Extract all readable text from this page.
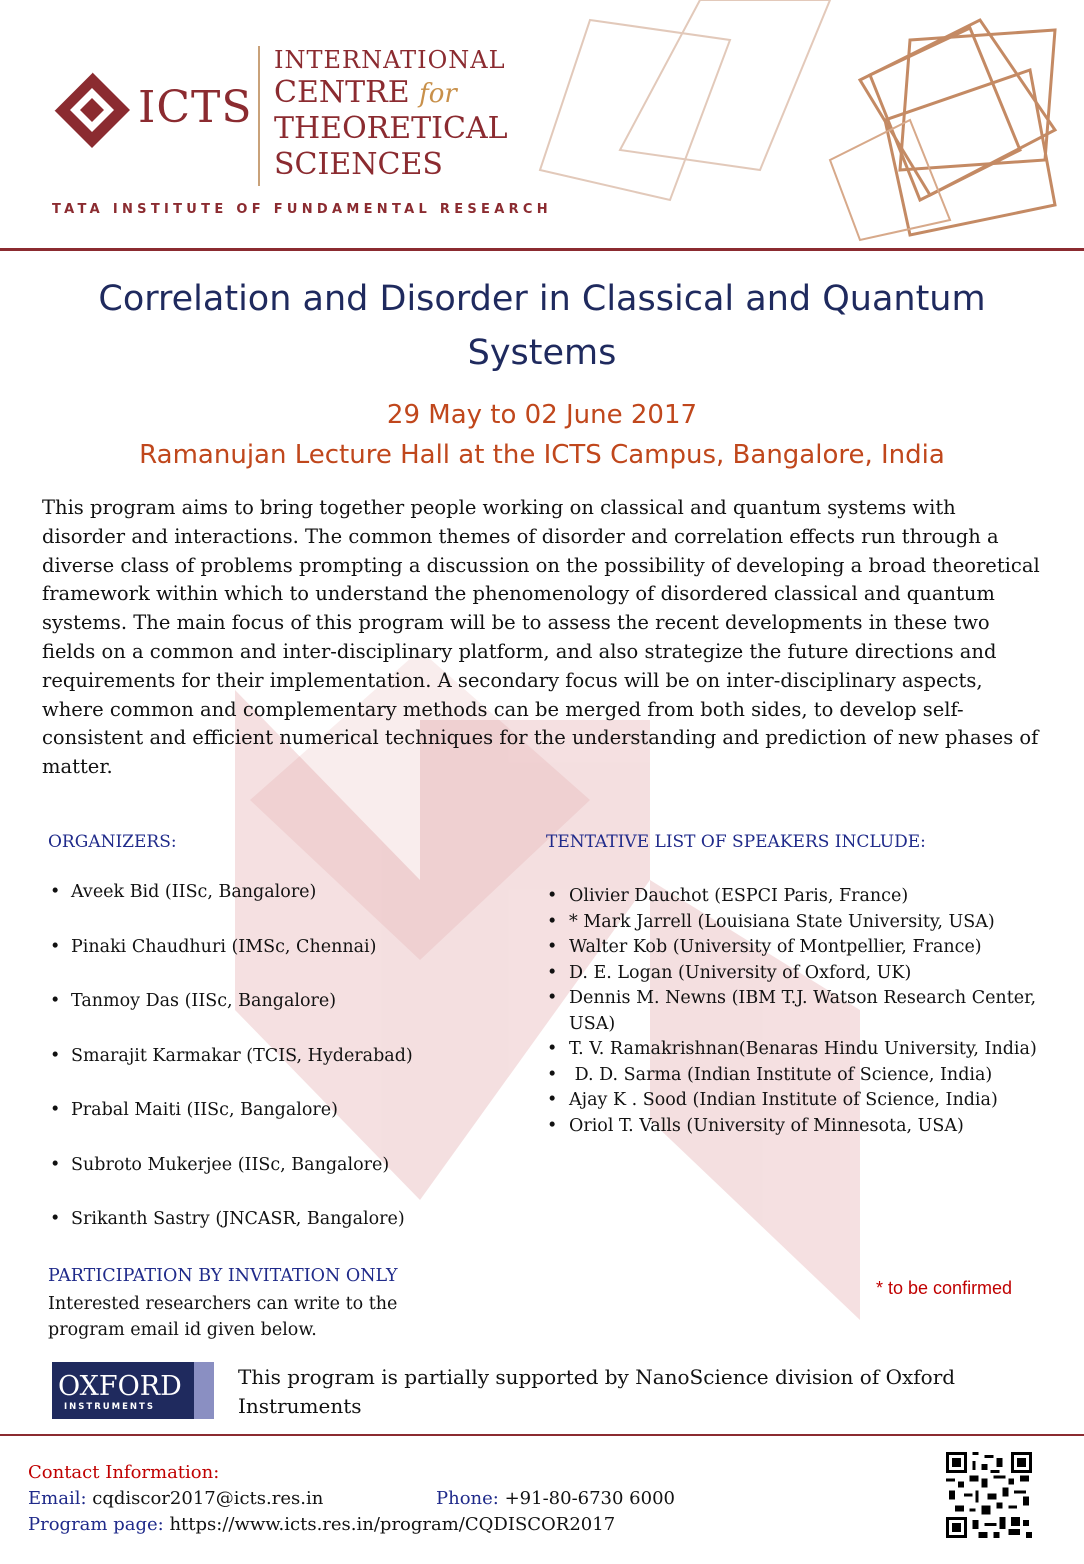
ICTS
INTERNATIONAL
CENTRE for
THEORETICAL
SCIENCES
TATA INSTITUTE OF FUNDAMENTAL RESEARCH
Correlation and Disorder in Classical and Quantum Systems
29 May to 02 June 2017
Ramanujan Lecture Hall at the ICTS Campus, Bangalore, India
This program aims to bring together people working on classical and quantum systems with disorder and interactions. The common themes of disorder and correlation effects run through a diverse class of problems prompting a discussion on the possibility of developing a broad theoretical framework within which to understand the phenomenology of disordered classical and quantum systems. The main focus of this program will be to assess the recent developments in these two fields on a common and inter-disciplinary platform, and also strategize the future directions and requirements for their implementation. A secondary focus will be on inter-disciplinary aspects, where common and complementary methods can be merged from both sides, to develop self-consistent and efficient numerical techniques for the understanding and prediction of new phases of matter.
ORGANIZERS:
• Aveek Bid (IISc, Bangalore)
• Pinaki Chaudhuri (IMSc, Chennai)
• Tanmoy Das (IISc, Bangalore)
• Smarajit Karmakar (TCIS, Hyderabad)
• Prabal Maiti (IISc, Bangalore)
• Subroto Mukerjee (IISc, Bangalore)
• Srikanth Sastry (JNCASR, Bangalore)
TENTATIVE LIST OF SPEAKERS INCLUDE:
• Olivier Dauchot (ESPCI Paris, France)
• * Mark Jarrell (Louisiana State University, USA)
• Walter Kob (University of Montpellier, France)
• D. E. Logan (University of Oxford, UK)
• Dennis M. Newns (IBM T.J. Watson Research Center, USA)
• T. V. Ramakrishnan(Benaras Hindu University, India)
•  D. D. Sarma (Indian Institute of Science, India)
• Ajay K . Sood (Indian Institute of Science, India)
• Oriol T. Valls (University of Minnesota, USA)
* to be confirmed
PARTICIPATION BY INVITATION ONLY
Interested researchers can write to the program email id given below.
OXFORD
INSTRUMENTS
This program is partially supported by NanoScience division of Oxford Instruments
Contact Information:
Email: cqdiscor2017@icts.res.in	Phone: +91-80-6730 6000
Program page: https://www.icts.res.in/program/CQDISCOR2017
